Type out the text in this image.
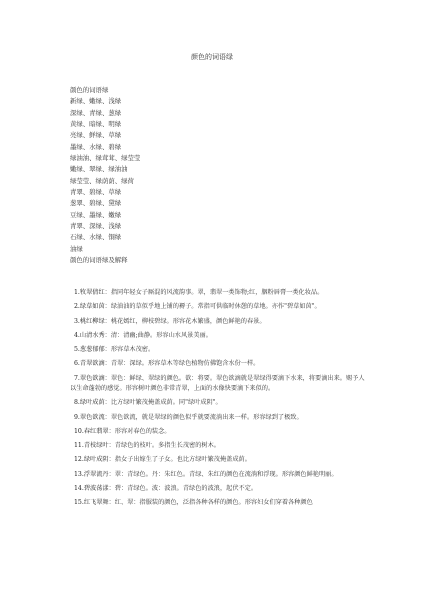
颜色的词语绿
颜色的词语绿
新绿、嫩绿、浅绿
深绿、青绿、葱绿
黄绿、暗绿、明绿
亮绿、鲜绿、草绿
墨绿、水绿、碧绿
绿油油、绿茸茸、绿莹莹
嫩绿、翠绿、绿油油
绿莹莹、绿荫荫、绿荷
青翠、碧绿、草绿
葱翠、碧绿、黛绿
豆绿、墨绿、嫩绿
青翠、深绿、浅绿
石绿、水绿、铜绿
油绿
颜色的词语绿及解释
1.牧翠倩红：指同年轻女子厮混的风流韵事。翠，翡翠一类饰物;红，胭粉唇膏一类化妆品。
2.绿草如茵：绿油油的草似乎地上铺的褥子。常指可供临时休憩的草地。亦作"碧草如茵"。
3.桃红柳绿：桃花嫣红，柳枝碧绿。形容花木繁盛，颜色鲜艳的春景。
4.山清水秀：清：清幽;曲静。形容山水风景美丽。
5.葱葱郁郁：形容草木茂密。
6.青翠欲滴：青翠：深绿。形容草木等绿色植物仿佛饱含水份一样。
7.翠色欲滴：翠色：鲜绿、翠绿的颜色。欲：将要。翠色欲滴就是翠绿得要滴下水来，将要滴出来。赐予人以生命蓬勃的感觉。形容树叶颜色非常青翠，上面的水像快要滴下来似的。
8.绿叶成荫：比方绿叶繁茂掩盖成荫。同"绿叶成阴"。
9.翠色欲流：翠色欲流，就是翠绿的颜色似乎就要流淌出来一样。形容绿到了极致。
10.春红翡翠：形容对春色的装念。
11.青枝绿叶：青绿色的枝叶。多指生长茂密的树木。
12.绿叶成阴：指女子出嫁生了子女。也比方绿叶繁茂掩盖成荫。
13.浮翠流丹：翠：青绿色。丹：朱红色。青绿、朱红的颜色在流淌和浮现。形容颜色鲜艳明丽。
14.碧波荡漾：碧：青绿色。波：波浪。青绿色的波浪，起伏不定。
15.红飞翠舞：红、翠：指服装的颜色，泛指各种各样的颜色。形容妇女们穿着各种颜色
